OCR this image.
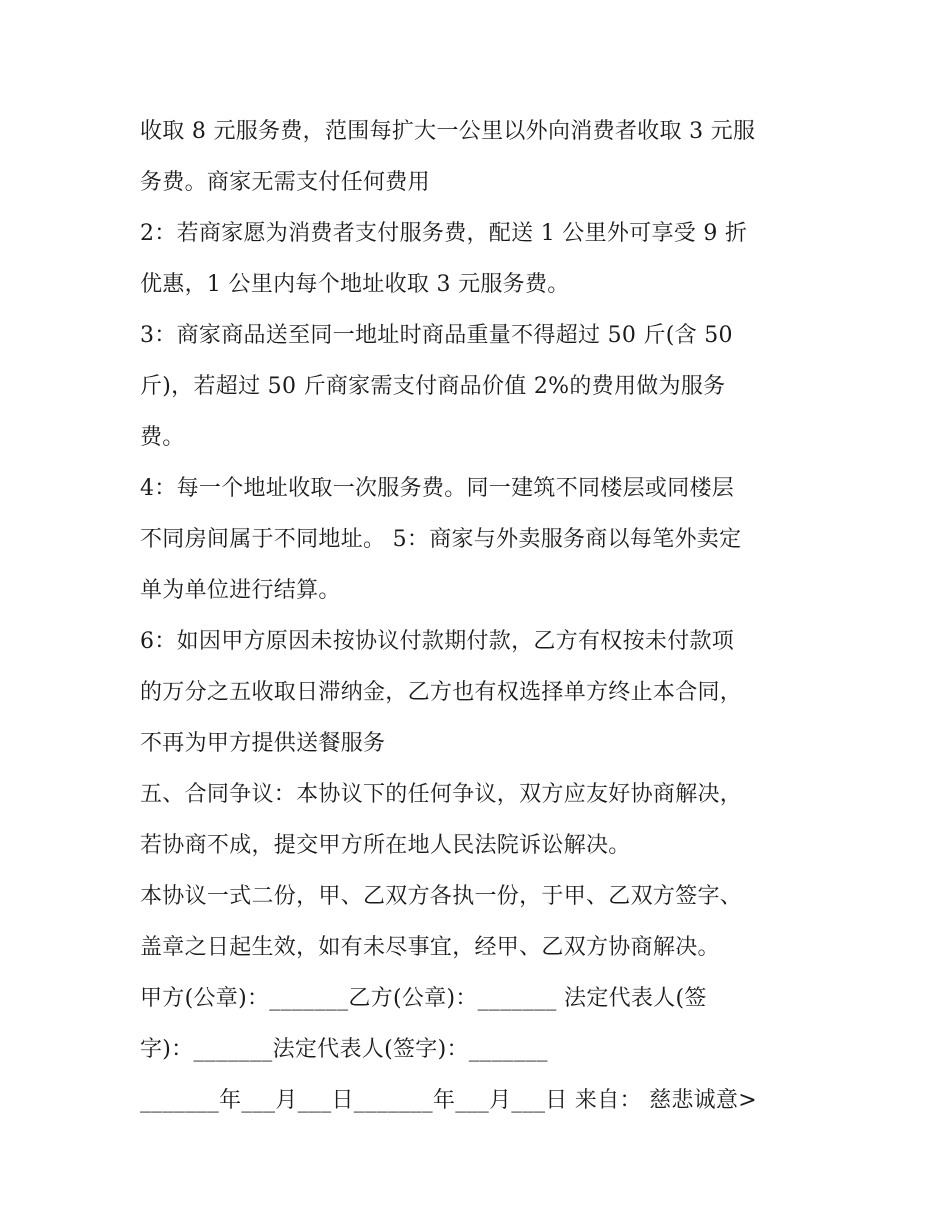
收取 8 元服务费，范围每扩大一公里以外向消费者收取 3 元服
务费。商家无需支付任何费用
2：若商家愿为消费者支付服务费，配送 1 公里外可享受 9 折
优惠，1 公里内每个地址收取 3 元服务费。
3：商家商品送至同一地址时商品重量不得超过 50 斤(含 50
斤)，若超过 50 斤商家需支付商品价值 2%的费用做为服务
费。
4：每一个地址收取一次服务费。同一建筑不同楼层或同楼层
不同房间属于不同地址。 5：商家与外卖服务商以每笔外卖定
单为单位进行结算。
6：如因甲方原因未按协议付款期付款，乙方有权按未付款项
的万分之五收取日滞纳金，乙方也有权选择单方终止本合同，
不再为甲方提供送餐服务
五、合同争议：本协议下的任何争议，双方应友好协商解决，
若协商不成，提交甲方所在地人民法院诉讼解决。
本协议一式二份，甲、乙双方各执一份，于甲、乙双方签字、
盖章之日起生效，如有未尽事宜，经甲、乙双方协商解决。
甲方(公章)：_______乙方(公章)：_______ 法定代表人(签
字)：_______法定代表人(签字)：_______
_______年___月___日_______年___月___日 来自： 慈悲诚意>
